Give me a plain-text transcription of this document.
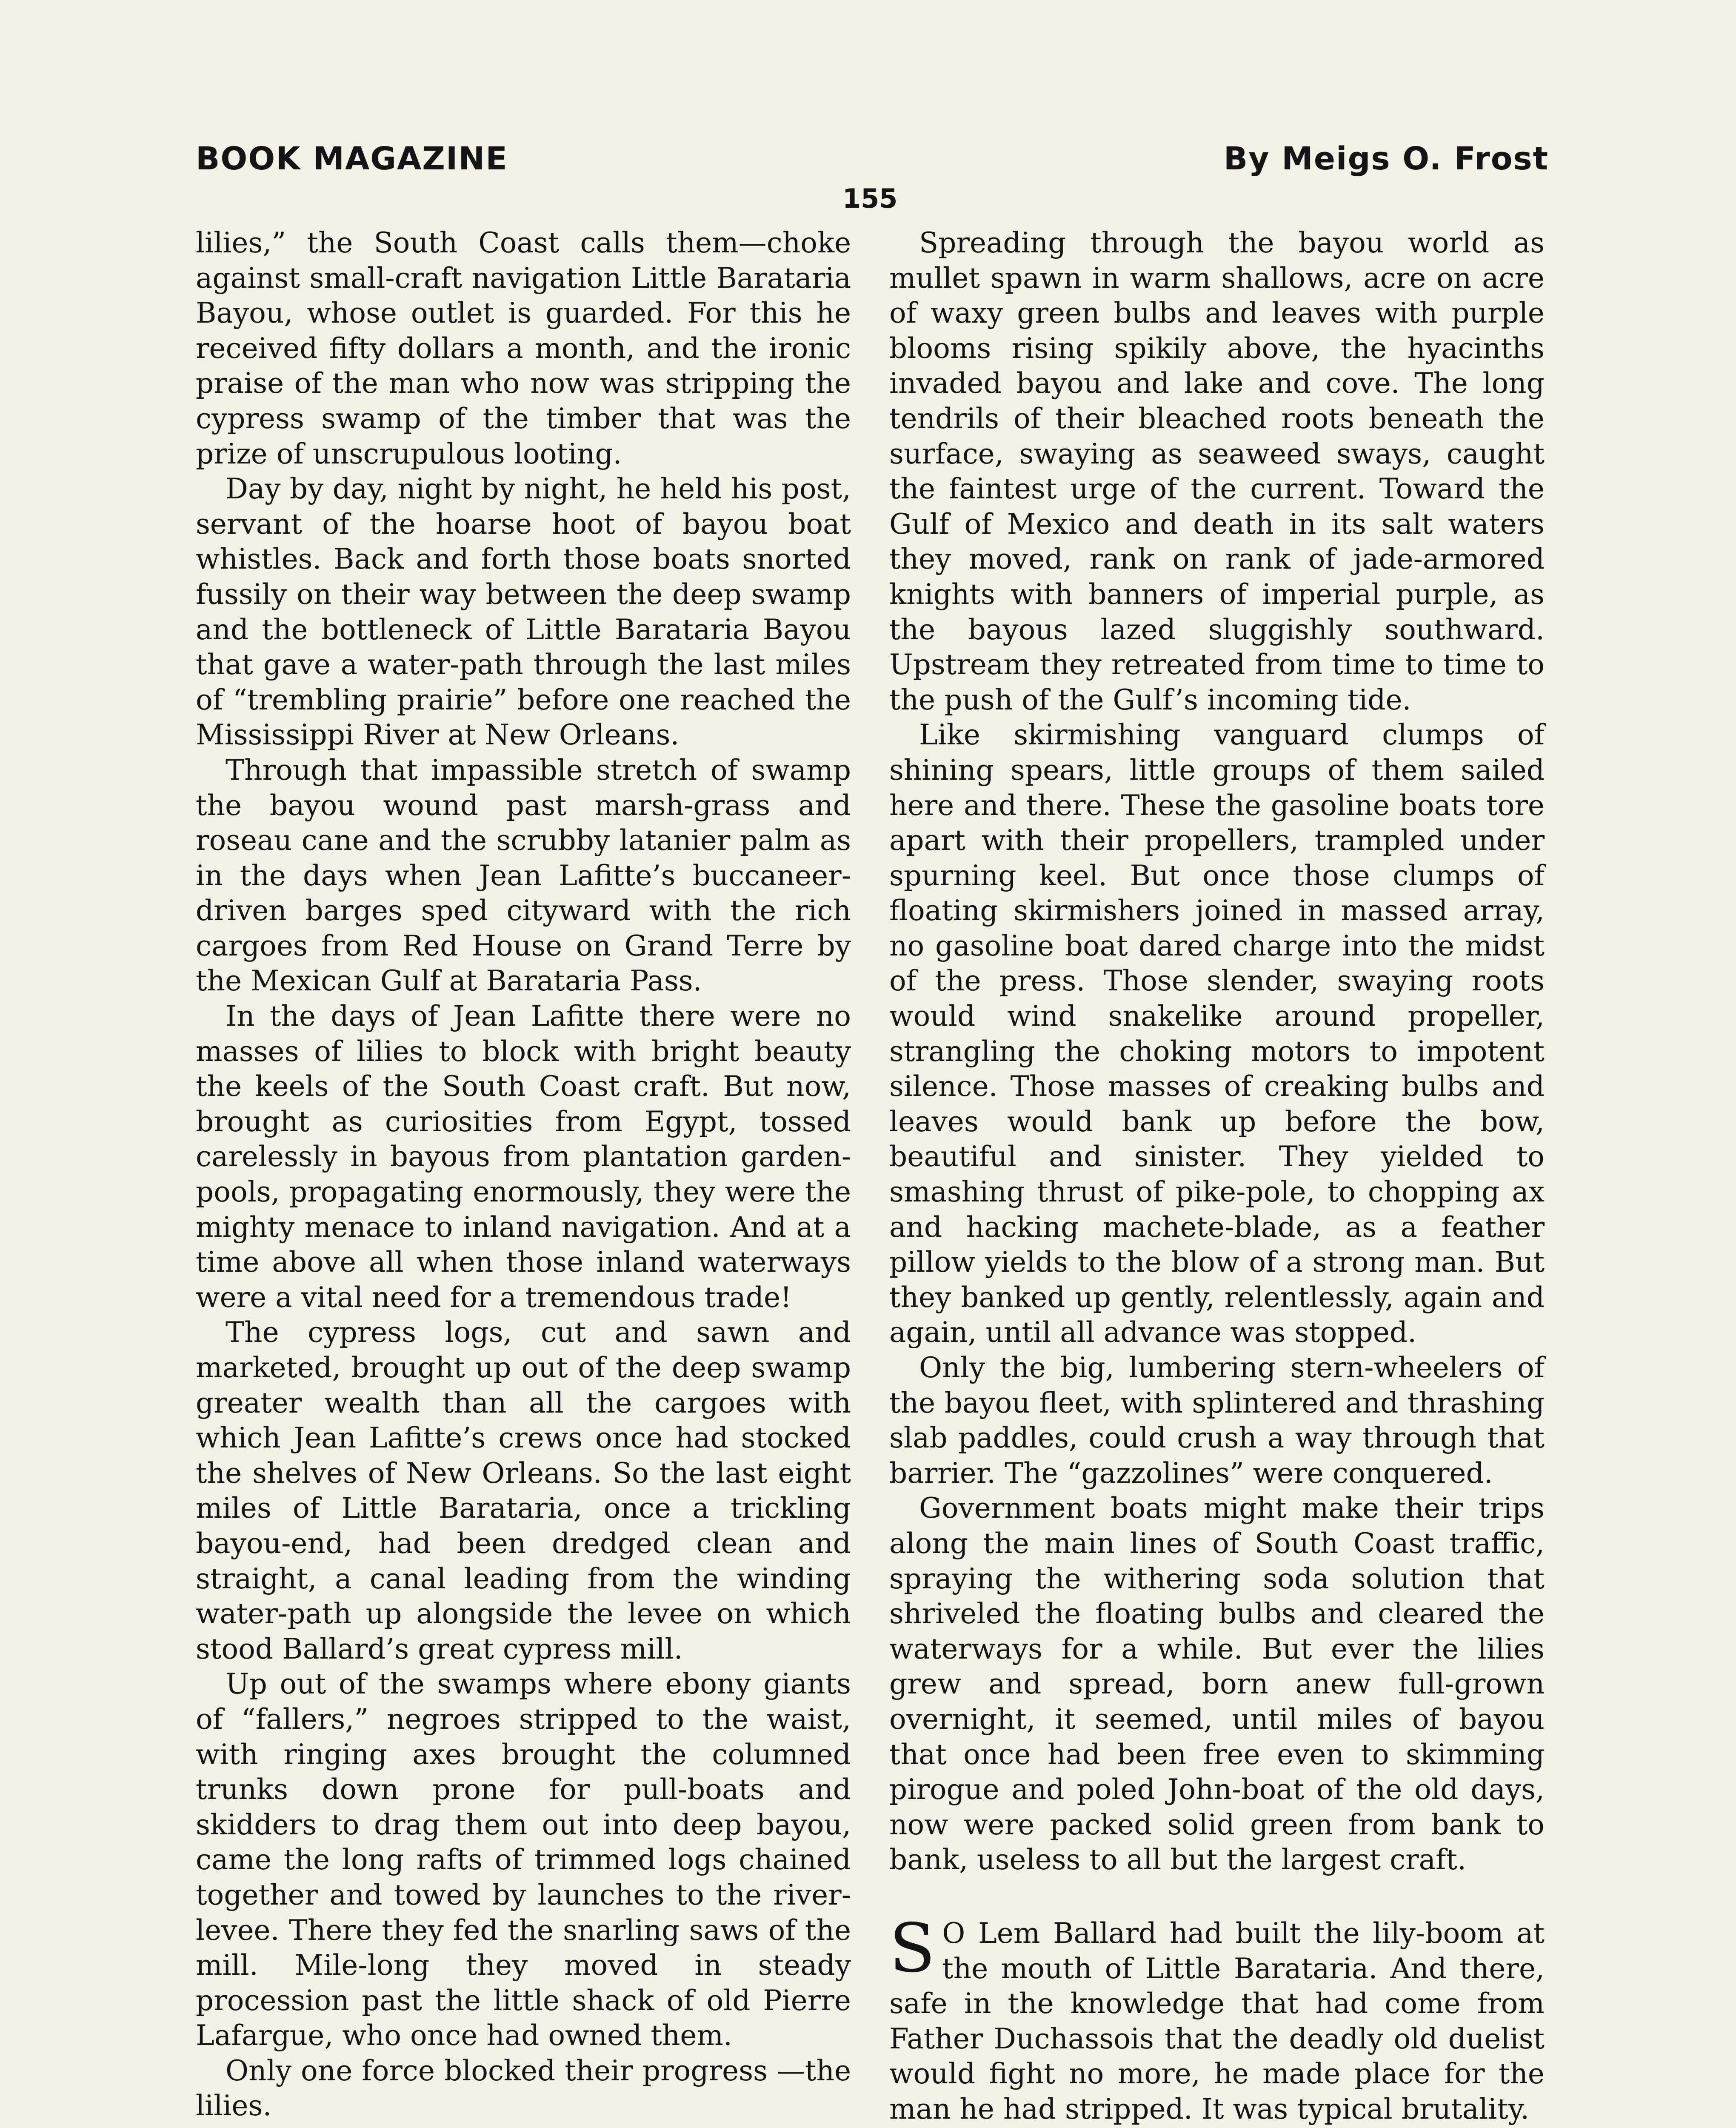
BOOK MAGAZINE	By Meigs O. Frost
155

lilies,” the South Coast calls them—choke against small-craft navigation Little Barataria Bayou, whose outlet is guarded. For this he received fifty dollars a month, and the ironic praise of the man who now was stripping the cypress swamp of the timber that was the prize of unscrupulous looting.

Day by day, night by night, he held his post, servant of the hoarse hoot of bayou boat whistles. Back and forth those boats snorted fussily on their way between the deep swamp and the bottleneck of Little Barataria Bayou that gave a water-path through the last miles of “trembling prairie” before one reached the Mississippi River at New Orleans.

Through that impassible stretch of swamp the bayou wound past marsh-grass and roseau cane and the scrubby latanier palm as in the days when Jean Lafitte’s buccaneer-driven barges sped cityward with the rich cargoes from Red House on Grand Terre by the Mexican Gulf at Barataria Pass.

In the days of Jean Lafitte there were no masses of lilies to block with bright beauty the keels of the South Coast craft. But now, brought as curiosities from Egypt, tossed carelessly in bayous from plantation garden-pools, propagating enormously, they were the mighty menace to inland navigation. And at a time above all when those inland waterways were a vital need for a tremendous trade!

The cypress logs, cut and sawn and marketed, brought up out of the deep swamp greater wealth than all the cargoes with which Jean Lafitte’s crews once had stocked the shelves of New Orleans. So the last eight miles of Little Barataria, once a trickling bayou-end, had been dredged clean and straight, a canal leading from the winding water-path up alongside the levee on which stood Ballard’s great cypress mill.

Up out of the swamps where ebony giants of “fallers,” negroes stripped to the waist, with ringing axes brought the columned trunks down prone for pull-boats and skidders to drag them out into deep bayou, came the long rafts of trimmed logs chained together and towed by launches to the river-levee. There they fed the snarling saws of the mill. Mile-long they moved in steady procession past the little shack of old Pierre Lafargue, who once had owned them.

Only one force blocked their progress —the lilies.

Spreading through the bayou world as mullet spawn in warm shallows, acre on acre of waxy green bulbs and leaves with purple blooms rising spikily above, the hyacinths invaded bayou and lake and cove. The long tendrils of their bleached roots beneath the surface, swaying as seaweed sways, caught the faintest urge of the current. Toward the Gulf of Mexico and death in its salt waters they moved, rank on rank of jade-armored knights with banners of imperial purple, as the bayous lazed sluggishly southward. Upstream they retreated from time to time to the push of the Gulf’s incoming tide.

Like skirmishing vanguard clumps of shining spears, little groups of them sailed here and there. These the gasoline boats tore apart with their propellers, trampled under spurning keel. But once those clumps of floating skirmishers joined in massed array, no gasoline boat dared charge into the midst of the press. Those slender, swaying roots would wind snakelike around propeller, strangling the choking motors to impotent silence. Those masses of creaking bulbs and leaves would bank up before the bow, beautiful and sinister. They yielded to smashing thrust of pike-pole, to chopping ax and hacking machete-blade, as a feather pillow yields to the blow of a strong man. But they banked up gently, relentlessly, again and again, until all advance was stopped.

Only the big, lumbering stern-wheelers of the bayou fleet, with splintered and thrashing slab paddles, could crush a way through that barrier. The “gazzolines” were conquered.

Government boats might make their trips along the main lines of South Coast traffic, spraying the withering soda solution that shriveled the floating bulbs and cleared the waterways for a while. But ever the lilies grew and spread, born anew full-grown overnight, it seemed, until miles of bayou that once had been free even to skimming pirogue and poled John-boat of the old days, now were packed solid green from bank to bank, useless to all but the largest craft.

S O Lem Ballard had built the lily-boom at the mouth of Little Barataria. And there, safe in the knowledge that had come from Father Duchassois that the deadly old duelist would fight no more, he made place for the man he had stripped. It was typical brutality.
